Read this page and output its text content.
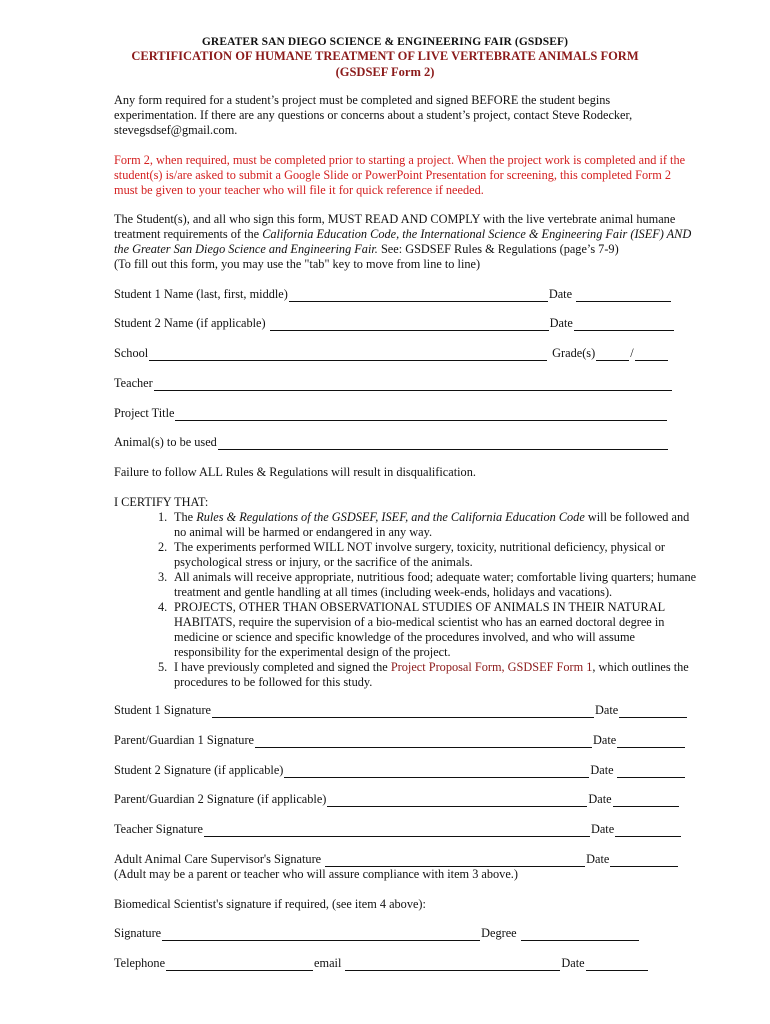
GREATER SAN DIEGO SCIENCE & ENGINEERING FAIR (GSDSEF)
CERTIFICATION OF HUMANE TREATMENT OF LIVE VERTEBRATE ANIMALS FORM
(GSDSEF Form 2)
Any form required for a student’s project must be completed and signed BEFORE the student begins experimentation. If there are any questions or concerns about a student’s project, contact Steve Rodecker, stevegsdsef@gmail.com.
Form 2, when required, must be completed prior to starting a project. When the project work is completed and if the student(s) is/are asked to submit a Google Slide or PowerPoint Presentation for screening, this completed Form 2 must be given to your teacher who will file it for quick reference if needed.
The Student(s), and all who sign this form, MUST READ AND COMPLY with the live vertebrate animal humane treatment requirements of the California Education Code, the International Science & Engineering Fair (ISEF) AND the Greater San Diego Science and Engineering Fair. See: GSDSEF Rules & Regulations (page’s 7-9)
(To fill out this form, you may use the "tab" key to move from line to line)
Student 1 Name (last, first, middle)	Date
Student 2 Name (if applicable)	Date
School	Grade(s)	/
Teacher
Project Title
Animal(s) to be used
Failure to follow ALL Rules & Regulations will result in disqualification.
I CERTIFY THAT:
1. The Rules & Regulations of the GSDSEF, ISEF, and the California Education Code will be followed and no animal will be harmed or endangered in any way.
2. The experiments performed WILL NOT involve surgery, toxicity, nutritional deficiency, physical or psychological stress or injury, or the sacrifice of the animals.
3. All animals will receive appropriate, nutritious food; adequate water; comfortable living quarters; humane treatment and gentle handling at all times (including week-ends, holidays and vacations).
4. PROJECTS, OTHER THAN OBSERVATIONAL STUDIES OF ANIMALS IN THEIR NATURAL HABITATS, require the supervision of a bio-medical scientist who has an earned doctoral degree in medicine or science and specific knowledge of the procedures involved, and who will assume responsibility for the experimental design of the project.
5. I have previously completed and signed the Project Proposal Form, GSDSEF Form 1, which outlines the procedures to be followed for this study.
Student 1 Signature	Date
Parent/Guardian 1 Signature	Date
Student 2 Signature (if applicable)	Date
Parent/Guardian 2 Signature (if applicable)	Date
Teacher Signature	Date
Adult Animal Care Supervisor's Signature	Date
(Adult may be a parent or teacher who will assure compliance with item 3 above.)
Biomedical Scientist's signature if required, (see item 4 above):
Signature	Degree
Telephone	email	Date
